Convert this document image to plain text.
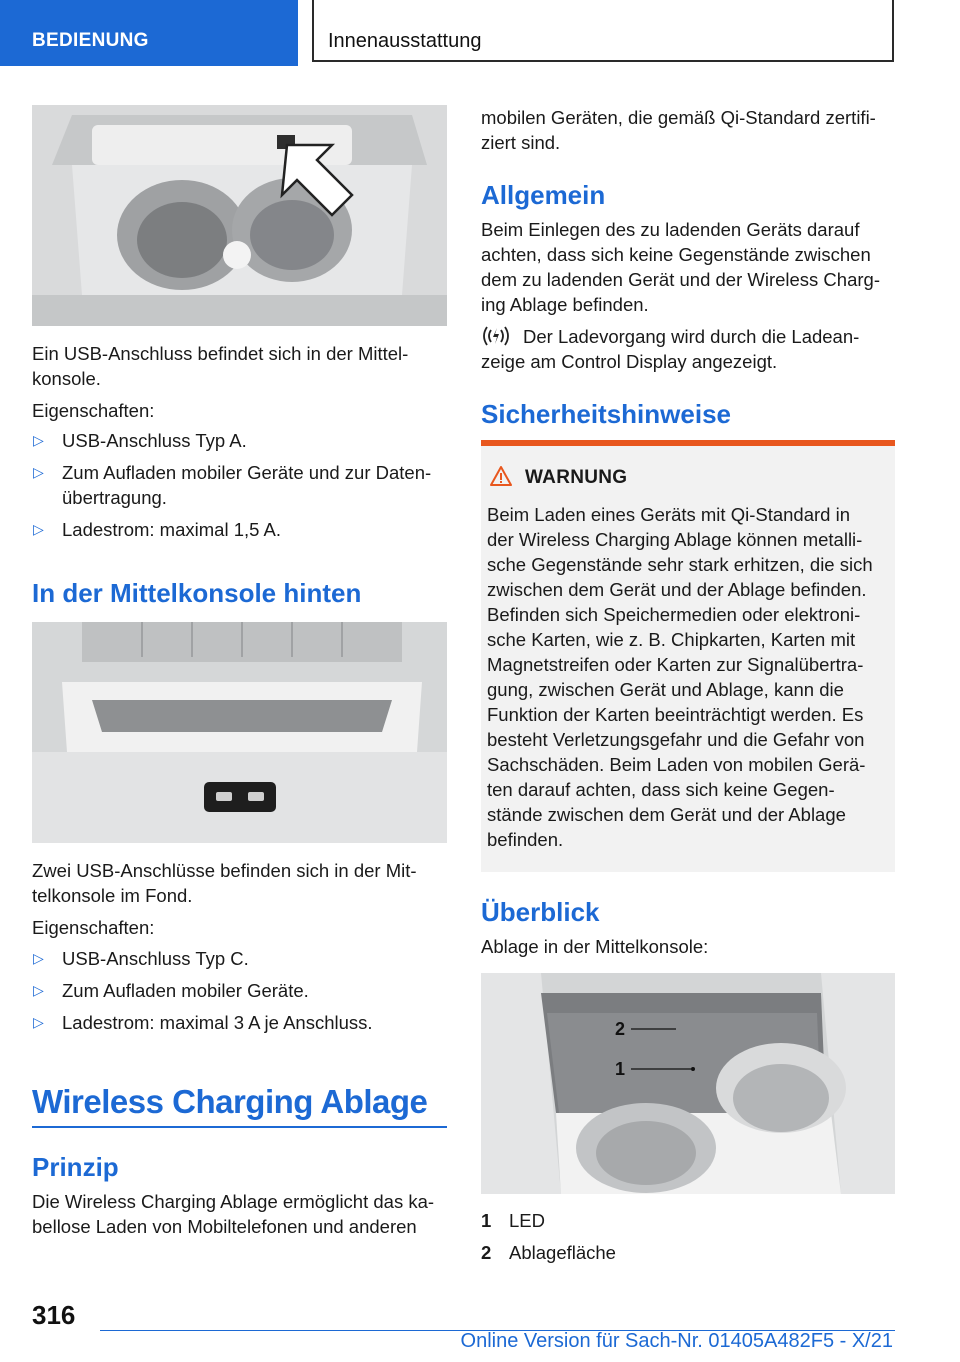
BEDIENUNG	Innenausstattung

Ein USB-Anschluss befindet sich in der Mittel-

konsole.

Eigenschaften:

▷ USB-Anschluss Typ A.
▷ Zum Aufladen mobiler Geräte und zur Daten-
übertragung.
▷ Ladestrom: maximal 1,5 A.
In der Mittelkonsole hinten

Zwei USB-Anschlüsse befinden sich in der Mit-

telkonsole im Fond.

Eigenschaften:

▷ USB-Anschluss Typ C.
▷ Zum Aufladen mobiler Geräte.
▷ Ladestrom: maximal 3 A je Anschluss.
Wireless Charging Ablage
Prinzip

Die Wireless Charging Ablage ermöglicht das ka-

bellose Laden von Mobiltelefonen und anderen

mobilen Geräten, die gemäß Qi-Standard zertifi-

ziert sind.

Allgemein

Beim Einlegen des zu ladenden Geräts darauf

achten, dass sich keine Gegenstände zwischen

dem zu ladenden Gerät und der Wireless Charg-

ing Ablage befinden.

Der Ladevorgang wird durch die Ladean-

zeige am Control Display angezeigt.

Sicherheitshinweise
WARNUNG

Beim Laden eines Geräts mit Qi-Standard in

der Wireless Charging Ablage können metalli-

sche Gegenstände sehr stark erhitzen, die sich

zwischen dem Gerät und der Ablage befinden.

Befinden sich Speichermedien oder elektroni-

sche Karten, wie z. B. Chipkarten, Karten mit

Magnetstreifen oder Karten zur Signalübertra-

gung, zwischen Gerät und Ablage, kann die

Funktion der Karten beeinträchtigt werden. Es

besteht Verletzungsgefahr und die Gefahr von

Sachschäden. Beim Laden von mobilen Gerä-

ten darauf achten, dass sich keine Gegen-

stände zwischen dem Gerät und der Ablage

befinden.

Überblick

Ablage in der Mittelkonsole:

2
1
1 LED
2 Ablagefläche
316
Online Version für Sach-Nr. 01405A482F5 - X/21
